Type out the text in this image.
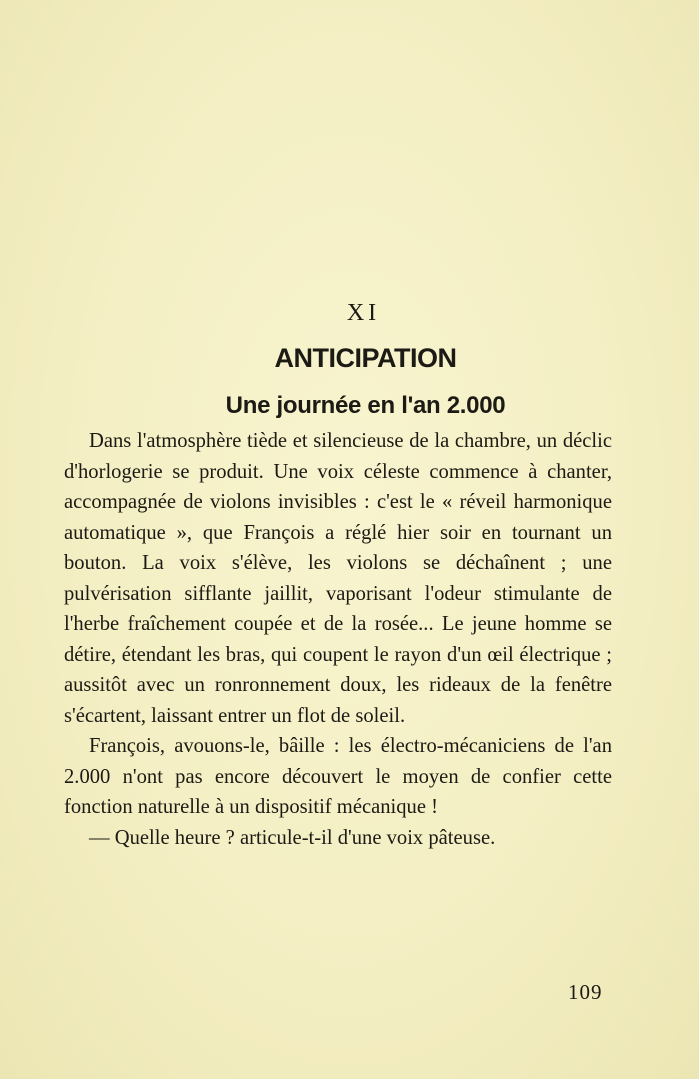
XI
ANTICIPATION
Une journée en l'an 2.000

Dans l'atmosphère tiède et silencieuse de la chambre, un déclic d'horlogerie se produit. Une voix céleste commence à chanter, accompagnée de violons invisibles : c'est le « réveil harmonique automatique », que François a réglé hier soir en tournant un bouton. La voix s'élève, les violons se déchaînent ; une pulvérisation sifflante jaillit, vaporisant l'odeur stimulante de l'herbe fraîchement coupée et de la rosée... Le jeune homme se détire, étendant les bras, qui coupent le rayon d'un œil électrique ; aussitôt avec un ronronnement doux, les rideaux de la fenêtre s'écartent, laissant entrer un flot de soleil.

François, avouons-le, bâille : les électro-mécaniciens de l'an 2.000 n'ont pas encore découvert le moyen de confier cette fonction naturelle à un dispositif mécanique !

— Quelle heure ? articule-t-il d'une voix pâteuse.

109
